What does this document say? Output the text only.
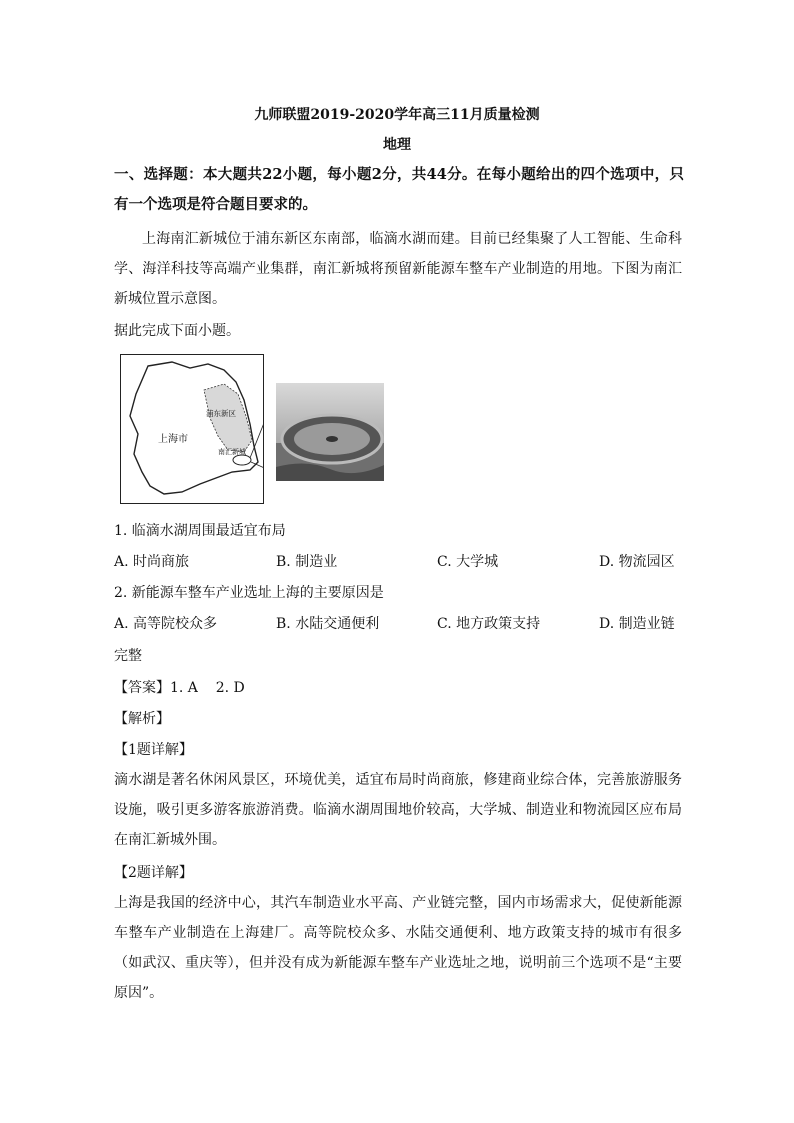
九师联盟2019-2020学年高三11月质量检测
地理
一、选择题：本大题共22小题，每小题2分，共44分。在每小题给出的四个选项中，只有一个选项是符合题目要求的。
上海南汇新城位于浦东新区东南部，临滴水湖而建。目前已经集聚了人工智能、生命科学、海洋科技等高端产业集群，南汇新城将预留新能源车整车产业制造的用地。下图为南汇新城位置示意图。
据此完成下面小题。
浦东新区
上海市
南汇新城
1. 临滴水湖周围最适宜布局
A. 时尚商旅	B. 制造业	C. 大学城	D. 物流园区
2. 新能源车整车产业选址上海的主要原因是
A. 高等院校众多	B. 水陆交通便利	C. 地方政策支持	D. 制造业链
完整
【答案】1. A    2. D
【解析】
【1题详解】
滴水湖是著名休闲风景区，环境优美，适宜布局时尚商旅，修建商业综合体，完善旅游服务设施，吸引更多游客旅游消费。临滴水湖周围地价较高，大学城、制造业和物流园区应布局在南汇新城外围。
【2题详解】
上海是我国的经济中心，其汽车制造业水平高、产业链完整，国内市场需求大，促使新能源车整车产业制造在上海建厂。高等院校众多、水陆交通便利、地方政策支持的城市有很多（如武汉、重庆等），但并没有成为新能源车整车产业选址之地，说明前三个选项不是“主要原因”。
